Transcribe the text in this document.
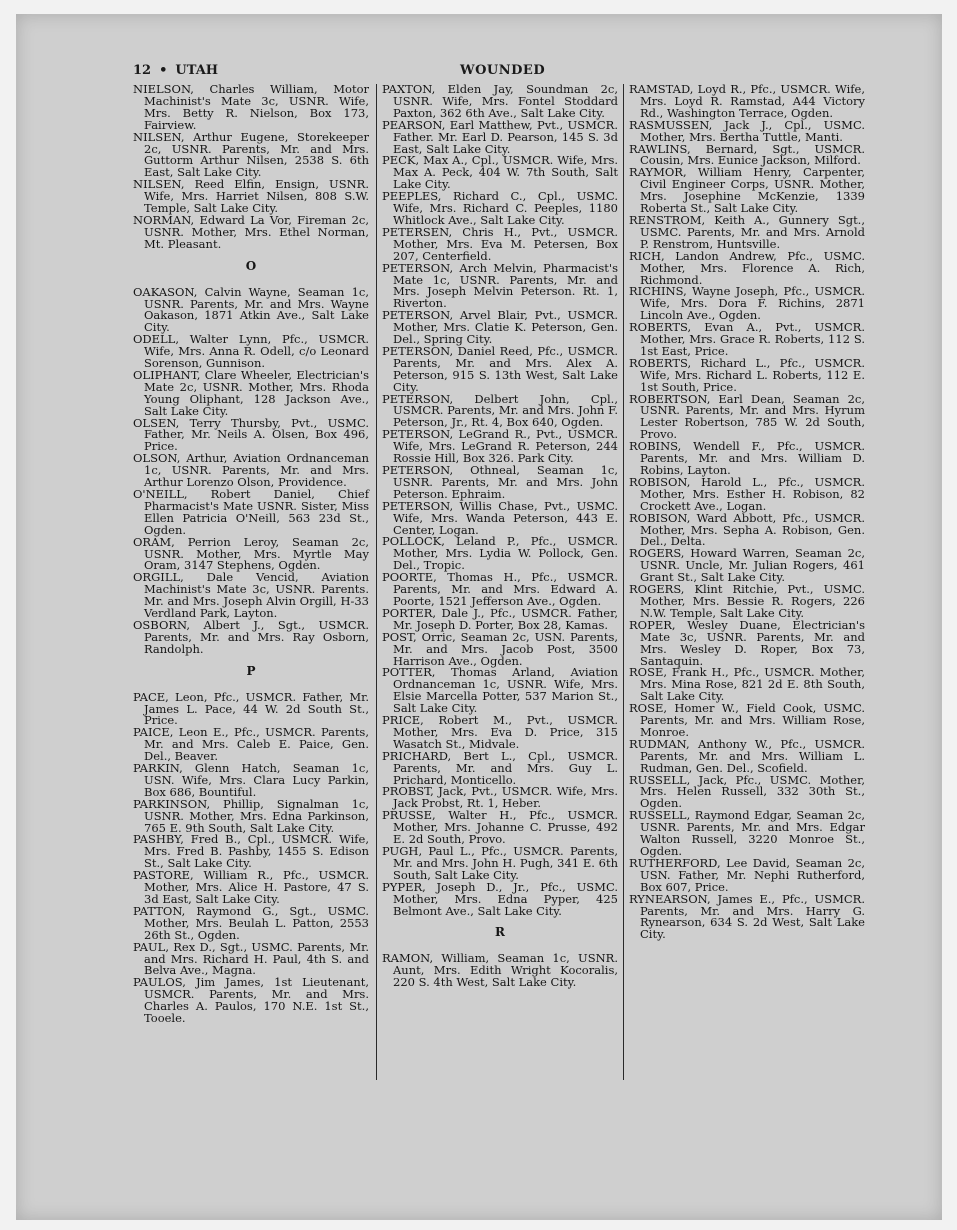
12 • UTAH	WOUNDED

NIELSON, Charles William, Motor Machinist's Mate 3c, USNR. Wife, Mrs. Betty R. Nielson, Box 173, Fairview.

NILSEN, Arthur Eugene, Storekeeper 2c, USNR. Parents, Mr. and Mrs. Guttorm Arthur Nilsen, 2538 S. 6th East, Salt Lake City.

NILSEN, Reed Elfin, Ensign, USNR. Wife, Mrs. Harriet Nilsen, 808 S.W. Temple, Salt Lake City.

NORMAN, Edward La Vor, Fireman 2c, USNR. Mother, Mrs. Ethel Norman, Mt. Pleasant.

O

OAKASON, Calvin Wayne, Seaman 1c, USNR. Parents, Mr. and Mrs. Wayne Oakason, 1871 Atkin Ave., Salt Lake City.

ODELL, Walter Lynn, Pfc., USMCR. Wife, Mrs. Anna R. Odell, c/o Leonard Sorenson, Gunnison.

OLIPHANT, Clare Wheeler, Electrician's Mate 2c, USNR. Mother, Mrs. Rhoda Young Oliphant, 128 Jackson Ave., Salt Lake City.

OLSEN, Terry Thursby, Pvt., USMC. Father, Mr. Neils A. Olsen, Box 496, Price.

OLSON, Arthur, Aviation Ordnanceman 1c, USNR. Parents, Mr. and Mrs. Arthur Lorenzo Olson, Providence.

O'NEILL, Robert Daniel, Chief Pharmacist's Mate USNR. Sister, Miss Ellen Patricia O'Neill, 563 23d St., Ogden.

ORAM, Perrion Leroy, Seaman 2c, USNR. Mother, Mrs. Myrtle May Oram, 3147 Stephens, Ogden.

ORGILL, Dale Vencid, Aviation Machinist's Mate 3c, USNR. Parents. Mr. and Mrs. Joseph Alvin Orgill, H-33 Verdland Park, Layton.

OSBORN, Albert J., Sgt., USMCR. Parents, Mr. and Mrs. Ray Osborn, Randolph.

P

PACE, Leon, Pfc., USMCR. Father, Mr. James L. Pace, 44 W. 2d South St., Price.

PAICE, Leon E., Pfc., USMCR. Parents, Mr. and Mrs. Caleb E. Paice, Gen. Del., Beaver.

PARKIN, Glenn Hatch, Seaman 1c, USN. Wife, Mrs. Clara Lucy Parkin, Box 686, Bountiful.

PARKINSON, Phillip, Signalman 1c, USNR. Mother, Mrs. Edna Parkinson, 765 E. 9th South, Salt Lake City.

PASHBY, Fred B., Cpl., USMCR. Wife, Mrs. Fred B. Pashby, 1455 S. Edison St., Salt Lake City.

PASTORE, William R., Pfc., USMCR. Mother, Mrs. Alice H. Pastore, 47 S. 3d East, Salt Lake City.

PATTON, Raymond G., Sgt., USMC. Mother, Mrs. Beulah L. Patton, 2553 26th St., Ogden.

PAUL, Rex D., Sgt., USMC. Parents, Mr. and Mrs. Richard H. Paul, 4th S. and Belva Ave., Magna.

PAULOS, Jim James, 1st Lieutenant, USMCR. Parents, Mr. and Mrs. Charles A. Paulos, 170 N.E. 1st St., Tooele.

PAXTON, Elden Jay, Soundman 2c, USNR. Wife, Mrs. Fontel Stoddard Paxton, 362 6th Ave., Salt Lake City.

PEARSON, Earl Matthew, Pvt., USMCR. Father. Mr. Earl D. Pearson, 145 S. 3d East, Salt Lake City.

PECK, Max A., Cpl., USMCR. Wife, Mrs. Max A. Peck, 404 W. 7th South, Salt Lake City.

PEEPLES, Richard C., Cpl., USMC. Wife, Mrs. Richard C. Peeples, 1180 Whitlock Ave., Salt Lake City.

PETERSEN, Chris H., Pvt., USMCR. Mother, Mrs. Eva M. Petersen, Box 207, Centerfield.

PETERSON, Arch Melvin, Pharmacist's Mate 1c, USNR. Parents, Mr. and Mrs. Joseph Melvin Peterson. Rt. 1, Riverton.

PETERSON, Arvel Blair, Pvt., USMCR. Mother, Mrs. Clatie K. Peterson, Gen. Del., Spring City.

PETERSON, Daniel Reed, Pfc., USMCR. Parents, Mr. and Mrs. Alex A. Peterson, 915 S. 13th West, Salt Lake City.

PETERSON, Delbert John, Cpl., USMCR. Parents, Mr. and Mrs. John F. Peterson, Jr., Rt. 4, Box 640, Ogden.

PETERSON, LeGrand R., Pvt., USMCR. Wife, Mrs. LeGrand R. Peterson, 244 Rossie Hill, Box 326. Park City.

PETERSON, Othneal, Seaman 1c, USNR. Parents, Mr. and Mrs. John Peterson. Ephraim.

PETERSON, Willis Chase, Pvt., USMC. Wife, Mrs. Wanda Peterson, 443 E. Center, Logan.

POLLOCK, Leland P., Pfc., USMCR. Mother, Mrs. Lydia W. Pollock, Gen. Del., Tropic.

POORTE, Thomas H., Pfc., USMCR. Parents, Mr. and Mrs. Edward A. Poorte, 1521 Jefferson Ave., Ogden.

PORTER, Dale J., Pfc., USMCR. Father, Mr. Joseph D. Porter, Box 28, Kamas.

POST, Orric, Seaman 2c, USN. Parents, Mr. and Mrs. Jacob Post, 3500 Harrison Ave., Ogden.

POTTER, Thomas Arland, Aviation Ordnanceman 1c, USNR. Wife, Mrs. Elsie Marcella Potter, 537 Marion St., Salt Lake City.

PRICE, Robert M., Pvt., USMCR. Mother, Mrs. Eva D. Price, 315 Wasatch St., Midvale.

PRICHARD, Bert L., Cpl., USMCR. Parents, Mr. and Mrs. Guy L. Prichard, Monticello.

PROBST, Jack, Pvt., USMCR. Wife, Mrs. Jack Probst, Rt. 1, Heber.

PRUSSE, Walter H., Pfc., USMCR. Mother, Mrs. Johanne C. Prusse, 492 E. 2d South, Provo.

PUGH, Paul L., Pfc., USMCR. Parents, Mr. and Mrs. John H. Pugh, 341 E. 6th South, Salt Lake City.

PYPER, Joseph D., Jr., Pfc., USMC. Mother, Mrs. Edna Pyper, 425 Belmont Ave., Salt Lake City.

R

RAMON, William, Seaman 1c, USNR. Aunt, Mrs. Edith Wright Kocoralis, 220 S. 4th West, Salt Lake City.

RAMSTAD, Loyd R., Pfc., USMCR. Wife, Mrs. Loyd R. Ramstad, A44 Victory Rd., Washington Terrace, Ogden.

RASMUSSEN, Jack J., Cpl., USMC. Mother, Mrs. Bertha Tuttle, Manti.

RAWLINS, Bernard, Sgt., USMCR. Cousin, Mrs. Eunice Jackson, Milford.

RAYMOR, William Henry, Carpenter, Civil Engineer Corps, USNR. Mother, Mrs. Josephine McKenzie, 1339 Roberta St., Salt Lake City.

RENSTROM, Keith A., Gunnery Sgt., USMC. Parents, Mr. and Mrs. Arnold P. Renstrom, Huntsville.

RICH, Landon Andrew, Pfc., USMC. Mother, Mrs. Florence A. Rich, Richmond.

RICHINS, Wayne Joseph, Pfc., USMCR. Wife, Mrs. Dora F. Richins, 2871 Lincoln Ave., Ogden.

ROBERTS, Evan A., Pvt., USMCR. Mother, Mrs. Grace R. Roberts, 112 S. 1st East, Price.

ROBERTS, Richard L., Pfc., USMCR. Wife, Mrs. Richard L. Roberts, 112 E. 1st South, Price.

ROBERTSON, Earl Dean, Seaman 2c, USNR. Parents, Mr. and Mrs. Hyrum Lester Robertson, 785 W. 2d South, Provo.

ROBINS, Wendell F., Pfc., USMCR. Parents, Mr. and Mrs. William D. Robins, Layton.

ROBISON, Harold L., Pfc., USMCR. Mother, Mrs. Esther H. Robison, 82 Crockett Ave., Logan.

ROBISON, Ward Abbott, Pfc., USMCR. Mother, Mrs. Sepha A. Robison, Gen. Del., Delta.

ROGERS, Howard Warren, Seaman 2c, USNR. Uncle, Mr. Julian Rogers, 461 Grant St., Salt Lake City.

ROGERS, Klint Ritchie, Pvt., USMC. Mother, Mrs. Bessie R. Rogers, 226 N.W. Temple, Salt Lake City.

ROPER, Wesley Duane, Electrician's Mate 3c, USNR. Parents, Mr. and Mrs. Wesley D. Roper, Box 73, Santaquin.

ROSE, Frank H., Pfc., USMCR. Mother, Mrs. Mina Rose, 821 2d E. 8th South, Salt Lake City.

ROSE, Homer W., Field Cook, USMC. Parents, Mr. and Mrs. William Rose, Monroe.

RUDMAN, Anthony W., Pfc., USMCR. Parents, Mr. and Mrs. William L. Rudman, Gen. Del., Scofield.

RUSSELL, Jack, Pfc., USMC. Mother, Mrs. Helen Russell, 332 30th St., Ogden.

RUSSELL, Raymond Edgar, Seaman 2c, USNR. Parents, Mr. and Mrs. Edgar Walton Russell, 3220 Monroe St., Ogden.

RUTHERFORD, Lee David, Seaman 2c, USN. Father, Mr. Nephi Rutherford, Box 607, Price.

RYNEARSON, James E., Pfc., USMCR. Parents, Mr. and Mrs. Harry G. Rynearson, 634 S. 2d West, Salt Lake City.
